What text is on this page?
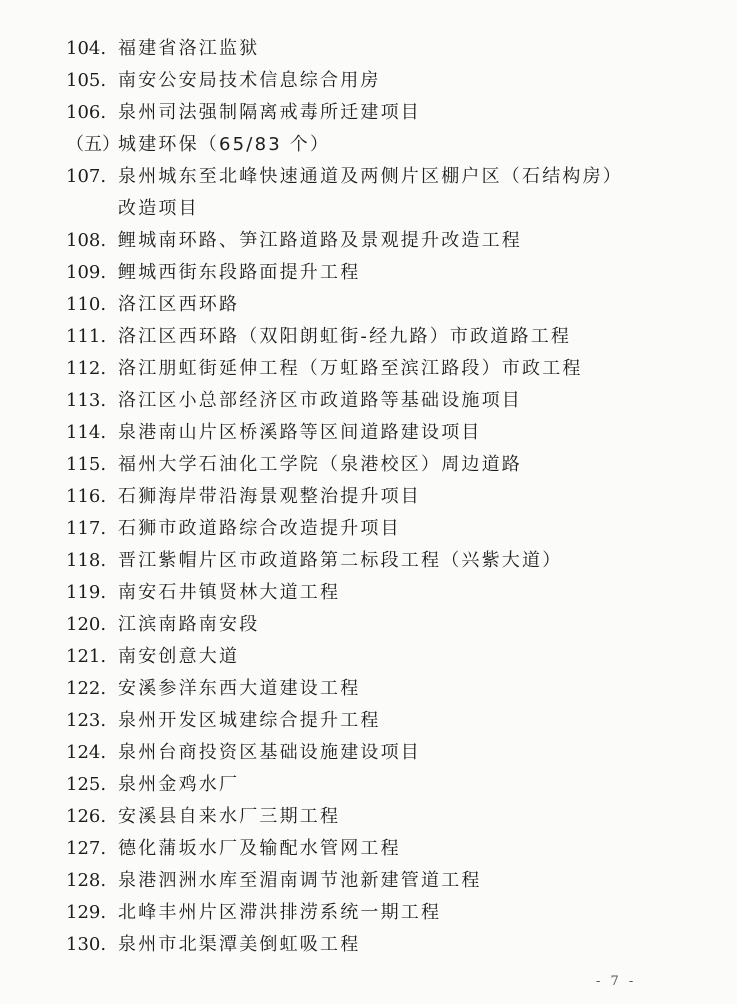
104. 福建省洛江监狱
105. 南安公安局技术信息综合用房
106. 泉州司法强制隔离戒毒所迁建项目
（五）
城建环保（65/83 个）
107. 泉州城东至北峰快速通道及两侧片区棚户区（石结构房）
改造项目
108. 鲤城南环路、笋江路道路及景观提升改造工程
109. 鲤城西街东段路面提升工程
110. 洛江区西环路
111. 洛江区西环路（双阳朗虹街-经九路）市政道路工程
112. 洛江朋虹街延伸工程（万虹路至滨江路段）市政工程
113. 洛江区小总部经济区市政道路等基础设施项目
114. 泉港南山片区桥溪路等区间道路建设项目
115. 福州大学石油化工学院（泉港校区）周边道路
116. 石狮海岸带沿海景观整治提升项目
117. 石狮市政道路综合改造提升项目
118. 晋江紫帽片区市政道路第二标段工程（兴紫大道）
119. 南安石井镇贤林大道工程
120. 江滨南路南安段
121. 南安创意大道
122. 安溪参洋东西大道建设工程
123. 泉州开发区城建综合提升工程
124. 泉州台商投资区基础设施建设项目
125. 泉州金鸡水厂
126. 安溪县自来水厂三期工程
127. 德化蒲坂水厂及输配水管网工程
128. 泉港泗洲水库至湄南调节池新建管道工程
129. 北峰丰州片区滞洪排涝系统一期工程
130. 泉州市北渠潭美倒虹吸工程
- 7 -
